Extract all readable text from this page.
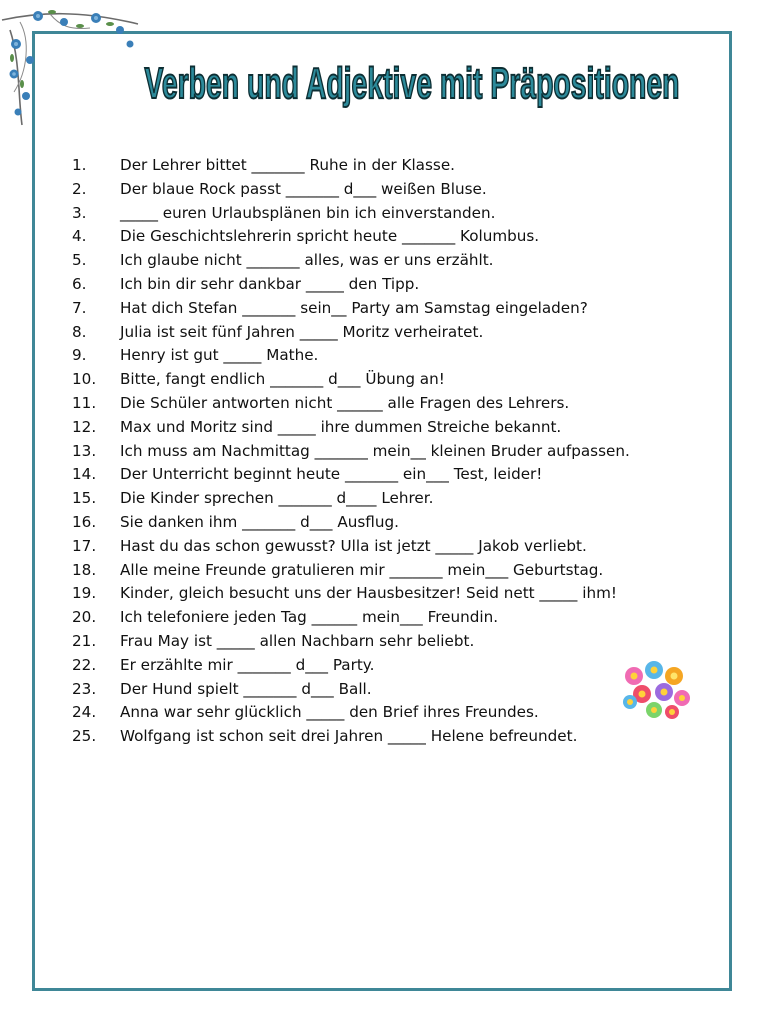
Verben und Adjektive mit Präpositionen
1.	Der Lehrer bittet _______ Ruhe in der Klasse.
2.	Der blaue Rock passt _______ d___ weißen Bluse.
3.	_____ euren Urlaubsplänen bin ich einverstanden.
4.	Die Geschichtslehrerin spricht heute _______ Kolumbus.
5.	Ich glaube nicht _______ alles, was er uns erzählt.
6.	Ich bin dir sehr dankbar _____ den Tipp.
7.	Hat dich Stefan _______ sein__ Party am Samstag eingeladen?
8.	Julia ist seit fünf Jahren _____ Moritz verheiratet.
9.	Henry ist gut _____ Mathe.
10.	Bitte, fangt endlich _______ d___ Übung an!
11.	Die Schüler antworten nicht ______ alle Fragen des Lehrers.
12.	Max und Moritz sind _____ ihre dummen Streiche bekannt.
13.	Ich muss am Nachmittag _______ mein__ kleinen Bruder aufpassen.
14.	Der Unterricht beginnt heute _______ ein___ Test, leider!
15.	Die Kinder sprechen _______ d____ Lehrer.
16.	Sie danken ihm _______ d___ Ausflug.
17.	Hast du das schon gewusst? Ulla ist jetzt _____ Jakob verliebt.
18.	Alle meine Freunde gratulieren mir _______ mein___ Geburtstag.
19.	Kinder, gleich besucht uns der Hausbesitzer! Seid nett _____ ihm!
20.	Ich telefoniere jeden Tag ______ mein___ Freundin.
21.	Frau May ist _____ allen Nachbarn sehr beliebt.
22.	Er erzählte mir _______ d___ Party.
23.	Der Hund spielt _______ d___ Ball.
24.	Anna war sehr glücklich _____ den Brief ihres Freundes.
25.	Wolfgang ist schon seit drei Jahren _____ Helene befreundet.
